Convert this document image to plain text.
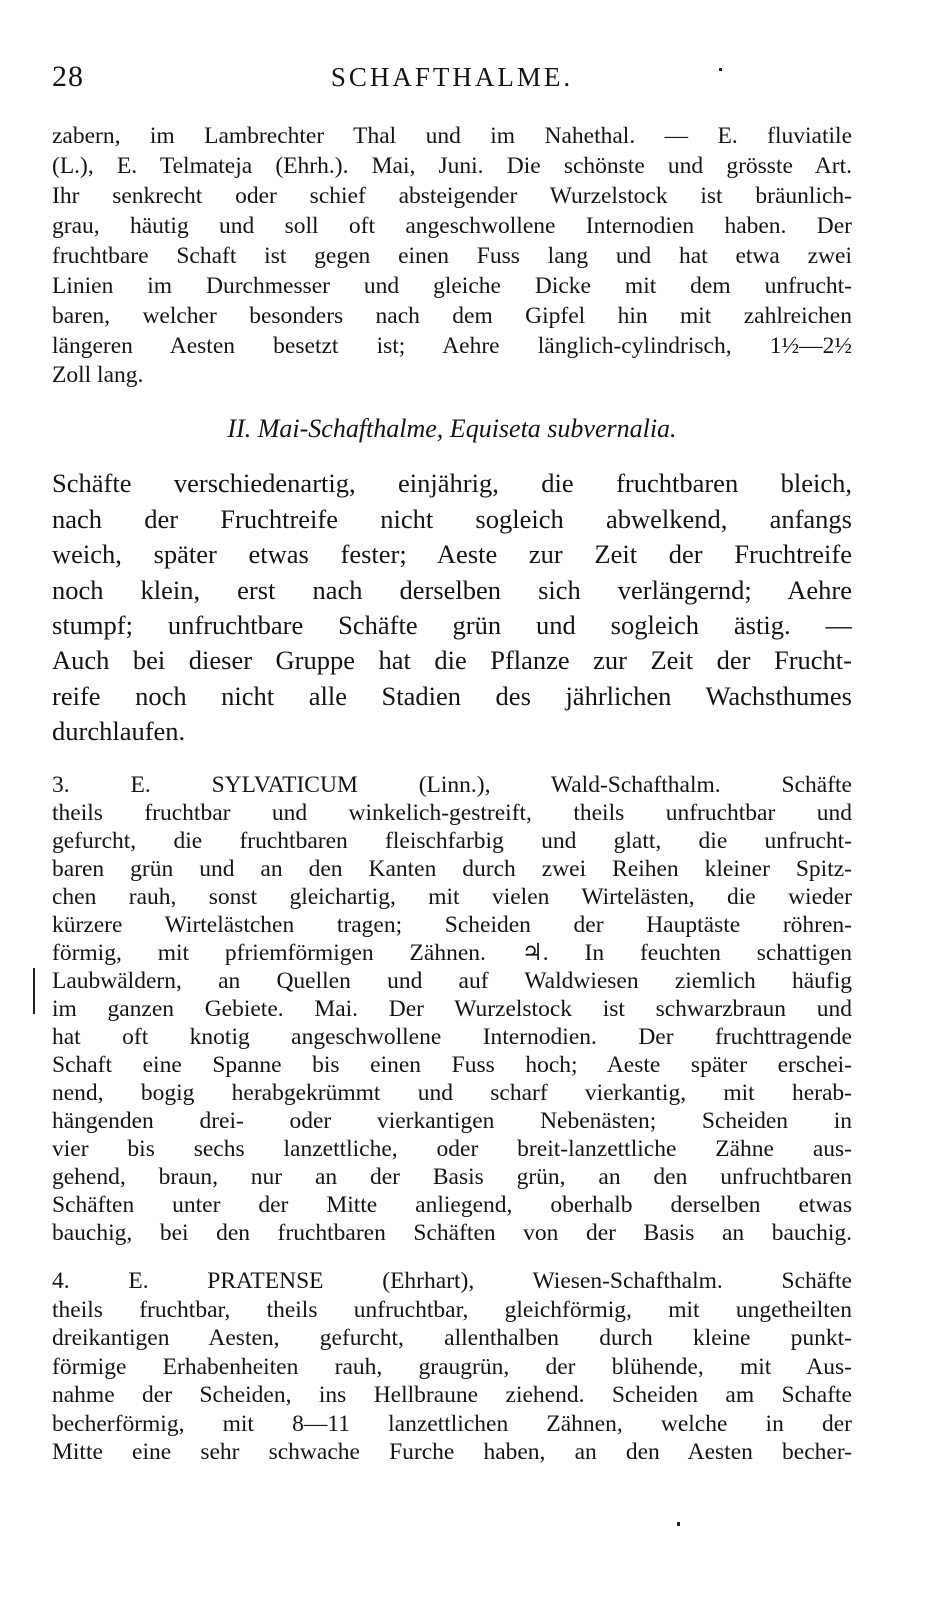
28	SCHAFTHALME.
zabern, im Lambrechter Thal und im Nahethal. — E. fluviatile
(L.), E. Telmateja (Ehrh.). Mai, Juni. Die schönste und grösste Art.
Ihr senkrecht oder schief absteigender Wurzelstock ist bräunlich-
grau, häutig und soll oft angeschwollene Internodien haben. Der
fruchtbare Schaft ist gegen einen Fuss lang und hat etwa zwei
Linien im Durchmesser und gleiche Dicke mit dem unfrucht-
baren, welcher besonders nach dem Gipfel hin mit zahlreichen
längeren Aesten besetzt ist; Aehre länglich-cylindrisch, 1½—2½
Zoll lang.
II. Mai-Schafthalme, Equiseta subvernalia.
Schäfte verschiedenartig, einjährig, die fruchtbaren bleich,
nach der Fruchtreife nicht sogleich abwelkend, anfangs
weich, später etwas fester; Aeste zur Zeit der Fruchtreife
noch klein, erst nach derselben sich verlängernd; Aehre
stumpf; unfruchtbare Schäfte grün und sogleich ästig. —
Auch bei dieser Gruppe hat die Pflanze zur Zeit der Frucht-
reife noch nicht alle Stadien des jährlichen Wachsthumes
durchlaufen.
3. E. SYLVATICUM (Linn.), Wald-Schafthalm. Schäfte
theils fruchtbar und winkelich-gestreift, theils unfruchtbar und
gefurcht, die fruchtbaren fleischfarbig und glatt, die unfrucht-
baren grün und an den Kanten durch zwei Reihen kleiner Spitz-
chen rauh, sonst gleichartig, mit vielen Wirtelästen, die wieder
kürzere Wirtelästchen tragen; Scheiden der Hauptäste röhren-
förmig, mit pfriemförmigen Zähnen. ♃. In feuchten schattigen
Laubwäldern, an Quellen und auf Waldwiesen ziemlich häufig
im ganzen Gebiete. Mai. Der Wurzelstock ist schwarzbraun und
hat oft knotig angeschwollene Internodien. Der fruchttragende
Schaft eine Spanne bis einen Fuss hoch; Aeste später erschei-
nend, bogig herabgekrümmt und scharf vierkantig, mit herab-
hängenden drei- oder vierkantigen Nebenästen; Scheiden in
vier bis sechs lanzettliche, oder breit-lanzettliche Zähne aus-
gehend, braun, nur an der Basis grün, an den unfruchtbaren
Schäften unter der Mitte anliegend, oberhalb derselben etwas
bauchig, bei den fruchtbaren Schäften von der Basis an bauchig.
4. E. PRATENSE (Ehrhart), Wiesen-Schafthalm. Schäfte
theils fruchtbar, theils unfruchtbar, gleichförmig, mit ungetheilten
dreikantigen Aesten, gefurcht, allenthalben durch kleine punkt-
förmige Erhabenheiten rauh, graugrün, der blühende, mit Aus-
nahme der Scheiden, ins Hellbraune ziehend. Scheiden am Schafte
becherförmig, mit 8—11 lanzettlichen Zähnen, welche in der
Mitte eine sehr schwache Furche haben, an den Aesten becher-
